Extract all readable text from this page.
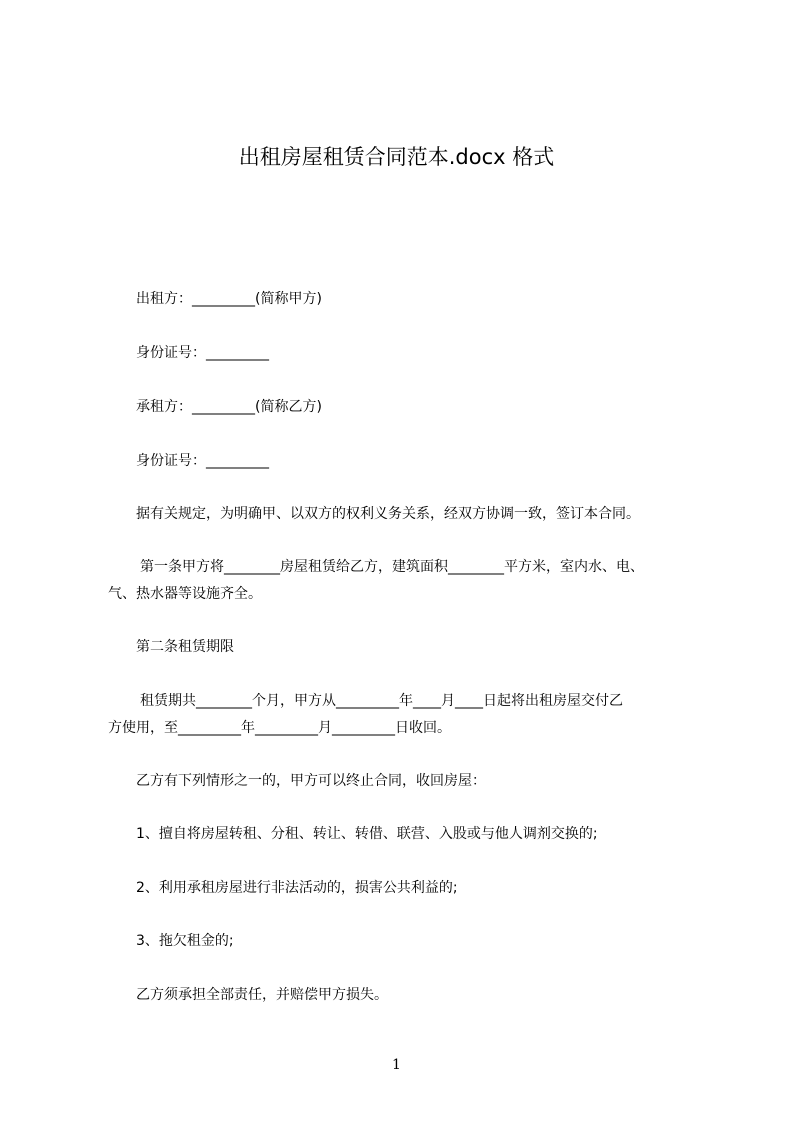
出租房屋租赁合同范本.docx 格式
出租方：_________(简称甲方)
身份证号：_________
承租方：_________(简称乙方)
身份证号：_________
据有关规定，为明确甲、以双方的权利义务关系，经双方协调一致，签订本合同。
第一条甲方将________房屋租赁给乙方，建筑面积________平方米，室内水、电、
气、热水器等设施齐全。
第二条租赁期限
租赁期共________个月，甲方从_________年____月____日起将出租房屋交付乙
方使用，至_________年_________月_________日收回。
乙方有下列情形之一的，甲方可以终止合同，收回房屋：
1、擅自将房屋转租、分租、转让、转借、联营、入股或与他人调剂交换的;
2、利用承租房屋进行非法活动的，损害公共利益的;
3、拖欠租金的;
乙方须承担全部责任，并赔偿甲方损失。
1
